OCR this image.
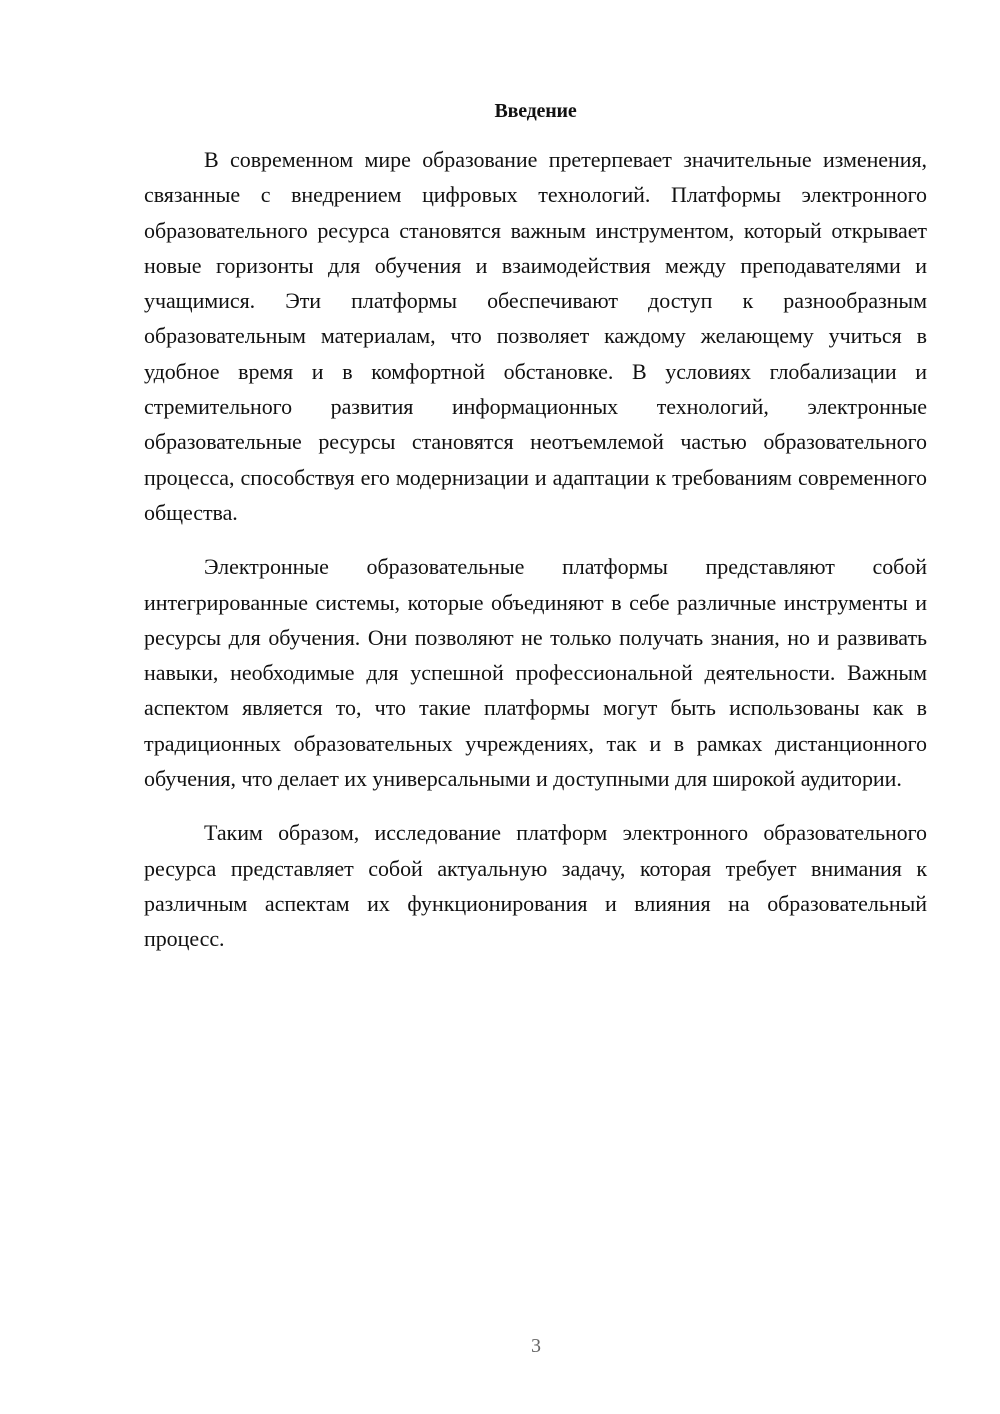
Введение

В современном мире образование претерпевает значительные изменения, связанные с внедрением цифровых технологий. Платформы электронного образовательного ресурса становятся важным инструментом, который открывает новые горизонты для обучения и взаимодействия между преподавателями и учащимися. Эти платформы обеспечивают доступ к разнообразным образовательным материалам, что позволяет каждому желающему учиться в удобное время и в комфортной обстановке. В условиях глобализации и стремительного развития информационных технологий, электронные образовательные ресурсы становятся неотъемлемой частью образовательного процесса, способствуя его модернизации и адаптации к требованиям современного общества.

Электронные образовательные платформы представляют собой интегрированные системы, которые объединяют в себе различные инструменты и ресурсы для обучения. Они позволяют не только получать знания, но и развивать навыки, необходимые для успешной профессиональной деятельности. Важным аспектом является то, что такие платформы могут быть использованы как в традиционных образовательных учреждениях, так и в рамках дистанционного обучения, что делает их универсальными и доступными для широкой аудитории.

Таким образом, исследование платформ электронного образовательного ресурса представляет собой актуальную задачу, которая требует внимания к различным аспектам их функционирования и влияния на образовательный процесс.

3
